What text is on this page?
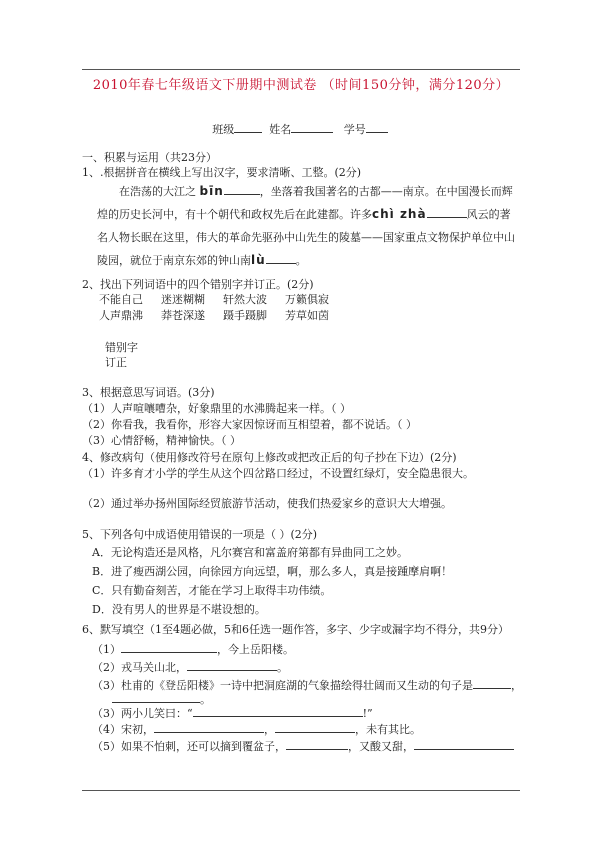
2010年春七年级语文下册期中测试卷 （时间150分钟，满分120分）
班级	姓名	学号
一、积累与运用（共23分）
1、.根据拼音在横线上写出汉字，要求清晰、工整。(2分)
在浩荡的大江之 bīn	，坐落着我国著名的古都——南京。在中国漫长而辉煌的历史长河中，有十个朝代和政权先后在此建都。许多chì zhà	风云的著名人物长眠在这里，伟大的革命先驱孙中山先生的陵墓——国家重点文物保护单位中山陵园，就位于南京东郊的钟山南lù	。
2、找出下列词语中的四个错别字并订正。(2分)
不能自己 迷迷糊糊 轩然大波 万籁俱寂
人声鼎沸 莽苍深遂 蹑手蹑脚 芳草如茵
错别字
订正
3、根据意思写词语。(3分)
（1）人声喧嚷嘈杂，好象鼎里的水沸腾起来一样。（ ）
（2）你看我，我看你，形容大家因惊讶而互相望着，都不说话。（ ）
（3）心情舒畅，精神愉快。（ ）
4、修改病句（使用修改符号在原句上修改或把改正后的句子抄在下边）(2分)
（1）许多育才小学的学生从这个四岔路口经过，不设置红绿灯，安全隐患很大。
（2）通过举办扬州国际经贸旅游节活动，使我们热爱家乡的意识大大增强。
5、下列各句中成语使用错误的一项是（ ）(2分)
A．无论构造还是风格，凡尔赛宫和富盖府第都有异曲同工之妙。
B．进了瘦西湖公园，向徐园方向远望，啊，那么多人，真是接踵摩肩啊！
C．只有勤奋刻苦，才能在学习上取得丰功伟绩。
D．没有男人的世界是不堪设想的。
6、默写填空（1至4题必做，5和6任选一题作答，多字、少字或漏字均不得分，共9分）
（1）	，今上岳阳楼。
（2）戎马关山北，	。
（3）杜甫的《登岳阳楼》一诗中把洞庭湖的气象描绘得壮阔而又生动的句子是	，
。
（3）两小儿笑曰：“	!”
（4）宋初，	，	，未有其比。
（5）如果不怕刺，还可以摘到覆盆子，	，又酸又甜，
